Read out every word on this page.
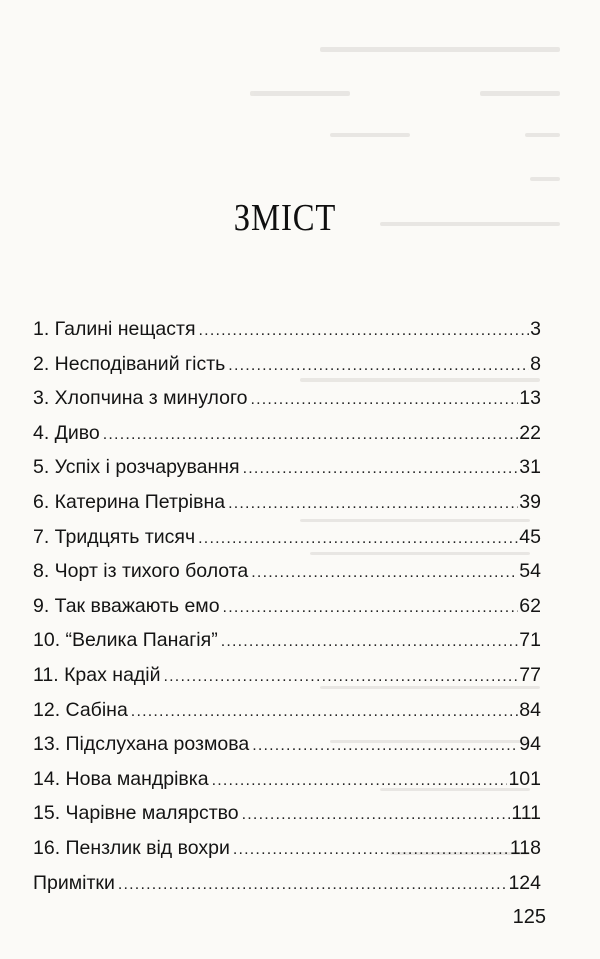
ЗМІСТ
1. Галині нещастя .....	3
2. Несподіваний гість .....	8
3. Хлопчина з минулого .....	13
4. Диво .....	22
5. Успіх і розчарування .....	31
6. Катерина Петрівна .....	39
7. Тридцять тисяч .....	45
8. Чорт із тихого болота .....	54
9. Так вважають емо .....	62
10. “Велика Панагія” .....	71
11. Крах надій .....	77
12. Сабіна .....	84
13. Підслухана розмова .....	94
14. Нова мандрівка .....	101
15. Чарівне малярство .....	111
16. Пензлик від вохри .....	118
Примітки .....	124
125
